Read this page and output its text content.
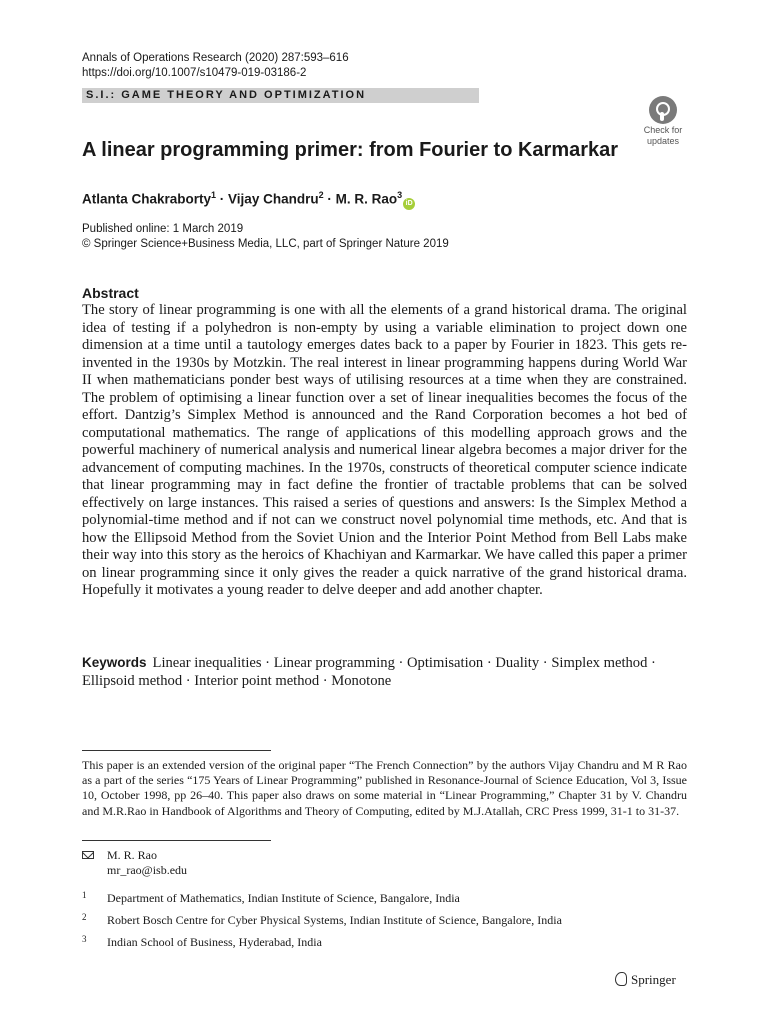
Annals of Operations Research (2020) 287:593–616
https://doi.org/10.1007/s10479-019-03186-2
S.I.: GAME THEORY AND OPTIMIZATION
Check for
updates
A linear programming primer: from Fourier to Karmarkar
Atlanta Chakraborty$^1$ · Vijay Chandru$^2$ · M. R. Rao$^3$iD
Published online: 1 March 2019
© Springer Science+Business Media, LLC, part of Springer Nature 2019
Abstract

The story of linear programming is one with all the elements of a grand historical drama. The original idea of testing if a polyhedron is non-empty by using a variable elimination to project down one dimension at a time until a tautology emerges dates back to a paper by Fourier in 1823. This gets re-invented in the 1930s by Motzkin. The real interest in linear programming happens during World War II when mathematicians ponder best ways of utilising resources at a time when they are constrained. The problem of optimising a linear function over a set of linear inequalities becomes the focus of the effort. Dantzig’s Simplex Method is announced and the Rand Corporation becomes a hot bed of computational mathematics. The range of applications of this modelling approach grows and the powerful machinery of numerical analysis and numerical linear algebra becomes a major driver for the advancement of computing machines. In the 1970s, constructs of theoretical computer science indicate that linear programming may in fact define the frontier of tractable problems that can be solved effectively on large instances. This raised a series of questions and answers: Is the Simplex Method a polynomial-time method and if not can we construct novel polynomial time methods, etc. And that is how the Ellipsoid Method from the Soviet Union and the Interior Point Method from Bell Labs make their way into this story as the heroics of Khachiyan and Karmarkar. We have called this paper a primer on linear programming since it only gives the reader a quick narrative of the grand historical drama. Hopefully it motivates a young reader to delve deeper and add another chapter.

Keywords Linear inequalities · Linear programming · Optimisation · Duality · Simplex method · Ellipsoid method · Interior point method · Monotone

This paper is an extended version of the original paper “The French Connection” by the authors Vijay Chandru and M R Rao as a part of the series “175 Years of Linear Programming” published in Resonance-Journal of Science Education, Vol 3, Issue 10, October 1998, pp 26–40. This paper also draws on some material in “Linear Programming,” Chapter 31 by V. Chandru and M.R.Rao in Handbook of Algorithms and Theory of Computing, edited by M.J.Atallah, CRC Press 1999, 31-1 to 31-37.

M. R. Rao
mr_rao@isb.edu
1 Department of Mathematics, Indian Institute of Science, Bangalore, India
2 Robert Bosch Centre for Cyber Physical Systems, Indian Institute of Science, Bangalore, India
3 Indian School of Business, Hyderabad, India
Springer
